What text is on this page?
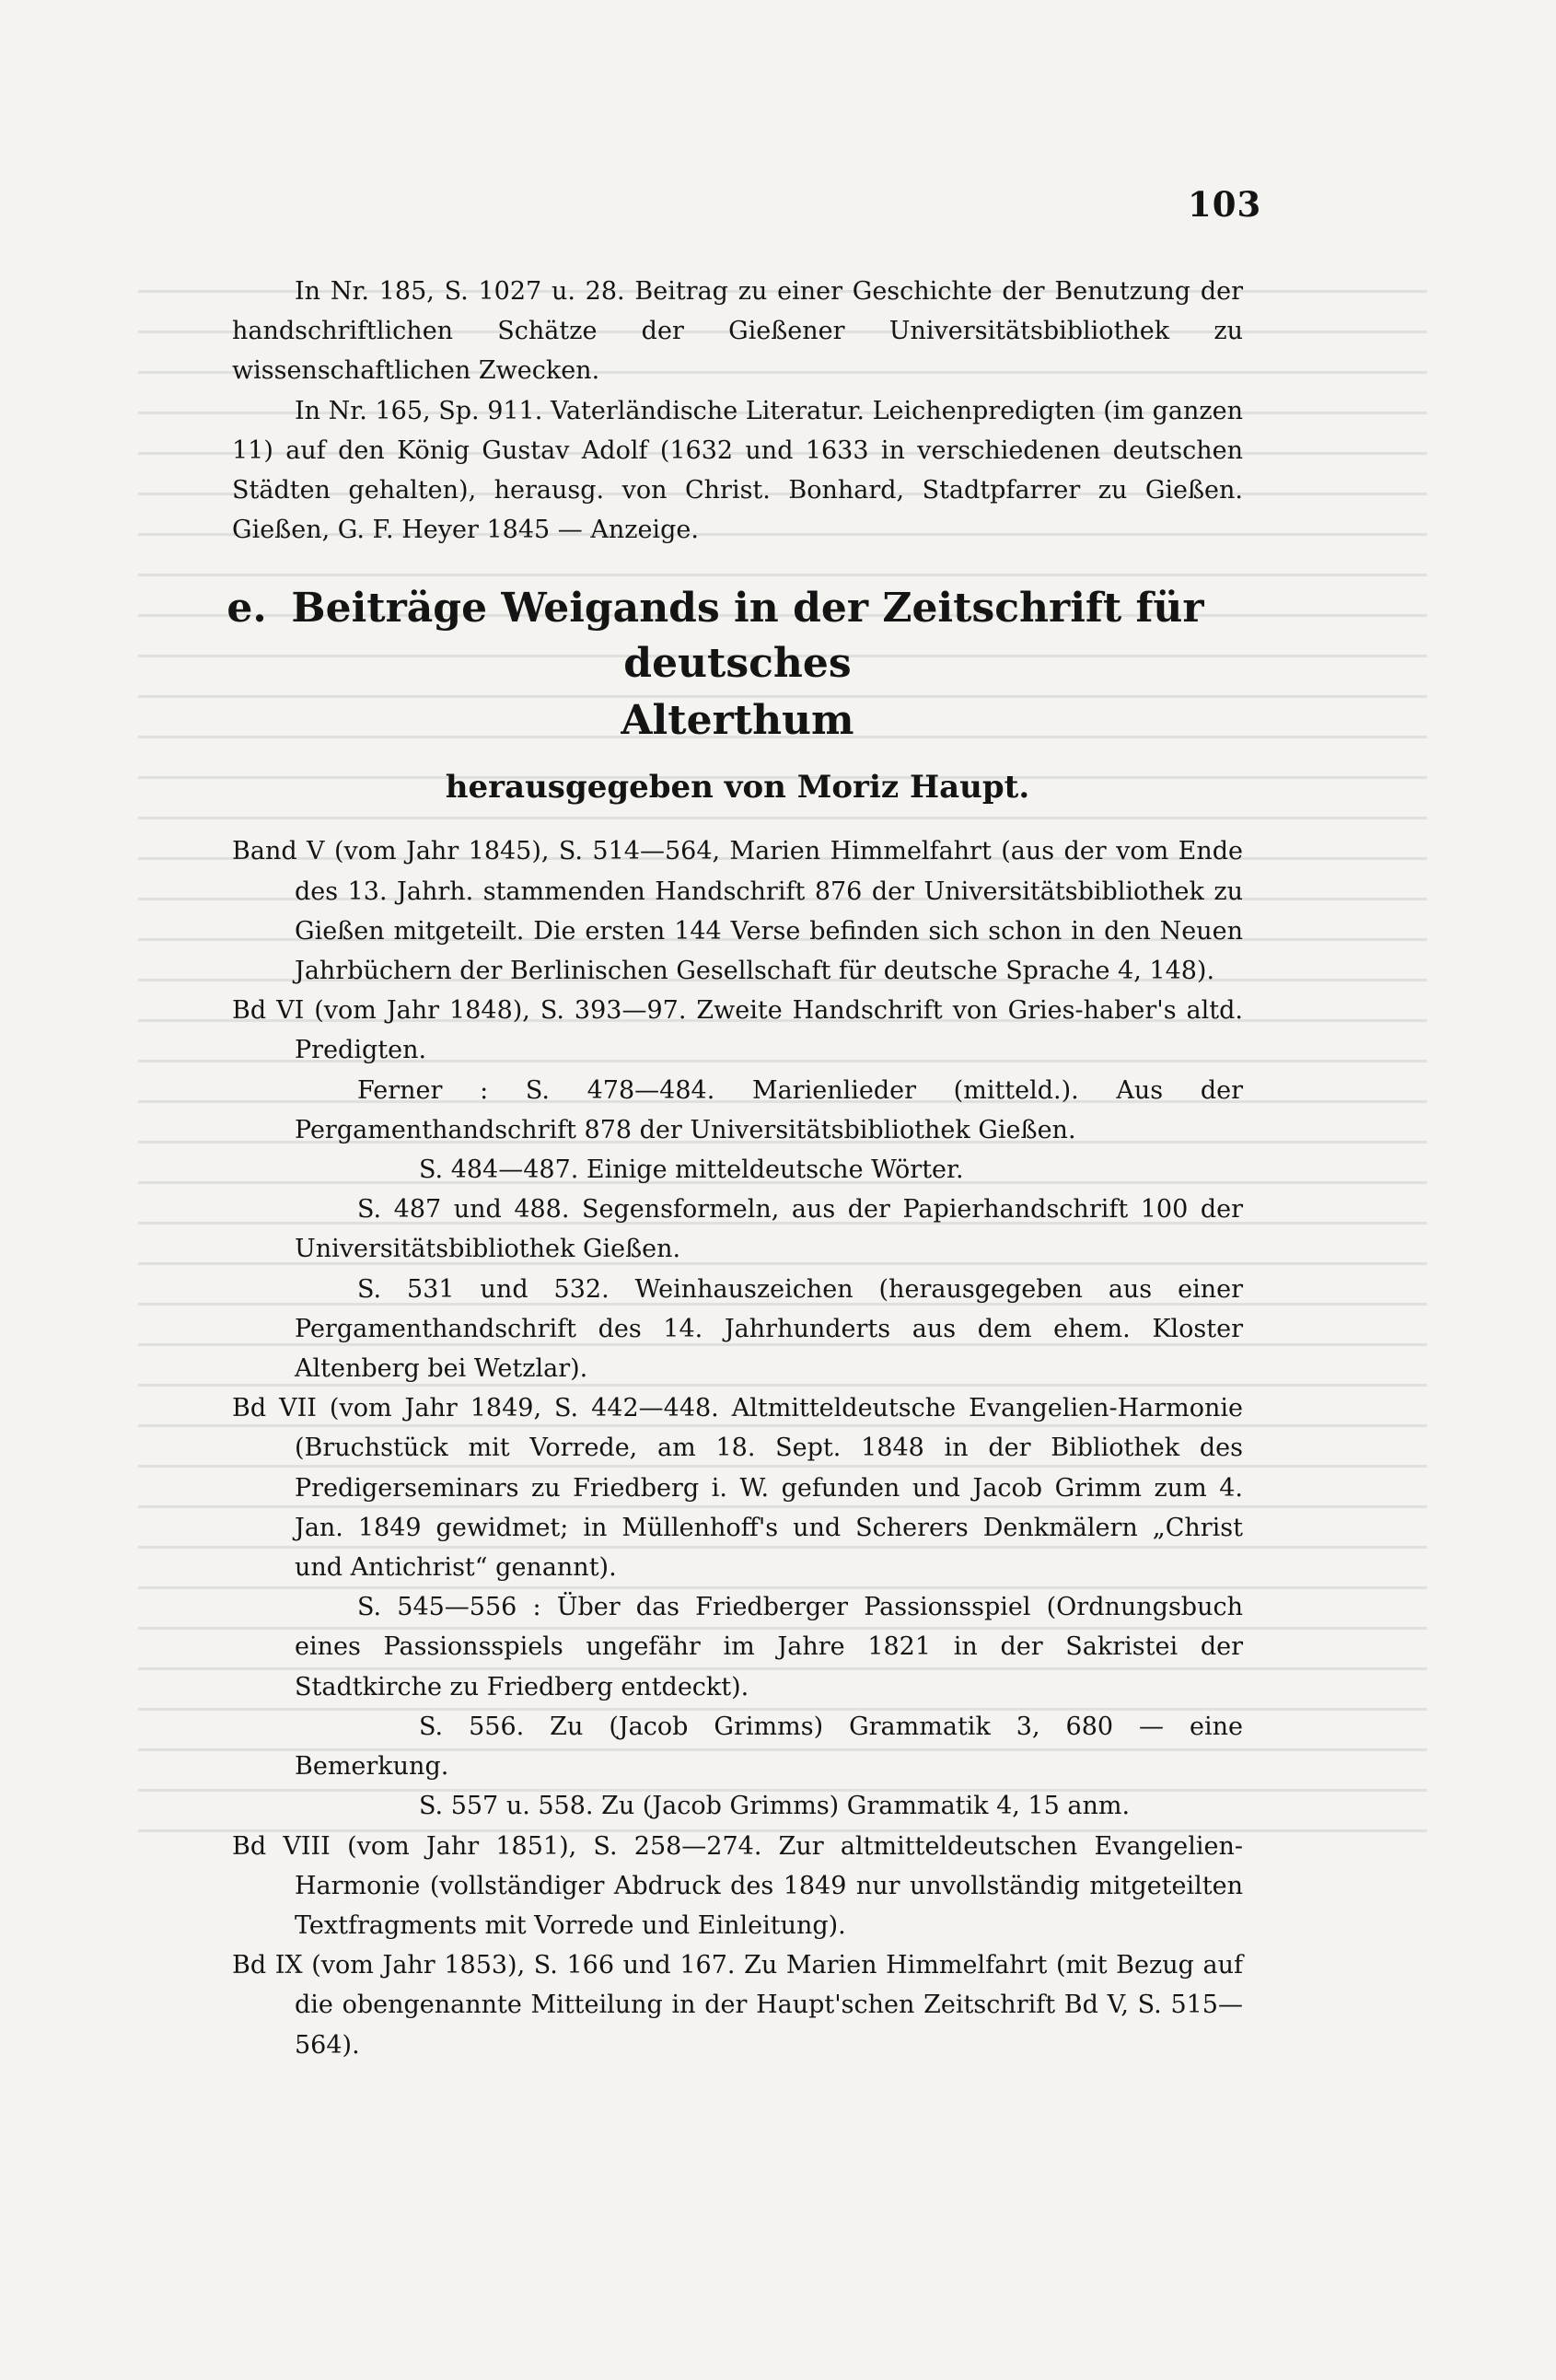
103

In Nr. 185, S. 1027 u. 28. Beitrag zu einer Geschichte der Benutzung der handschriftlichen Schätze der Gießener Universitätsbibliothek zu wissenschaftlichen Zwecken.

In Nr. 165, Sp. 911. Vaterländische Literatur. Leichenpredigten (im ganzen 11) auf den König Gustav Adolf (1632 und 1633 in verschiedenen deutschen Städten gehalten), herausg. von Christ. Bonhard, Stadtpfarrer zu Gießen. Gießen, G. F. Heyer 1845 — Anzeige.

e. Beiträge Weigands in der Zeitschrift für deutsches
Alterthum
herausgegeben von Moriz Haupt.

Band V (vom Jahr 1845), S. 514—564, Marien Himmelfahrt (aus der vom Ende des 13. Jahrh. stammenden Handschrift 876 der Universitätsbibliothek zu Gießen mitgeteilt. Die ersten 144 Verse befinden sich schon in den Neuen Jahrbüchern der Berlinischen Gesellschaft für deutsche Sprache 4, 148).

Bd VI (vom Jahr 1848), S. 393—97. Zweite Handschrift von Gries-haber's altd. Predigten.

Ferner : S. 478—484. Marienlieder (mitteld.). Aus der Pergamenthandschrift 878 der Universitätsbibliothek Gießen.

S. 484—487. Einige mitteldeutsche Wörter.

S. 487 und 488. Segensformeln, aus der Papierhandschrift 100 der Universitätsbibliothek Gießen.

S. 531 und 532. Weinhauszeichen (herausgegeben aus einer Pergamenthandschrift des 14. Jahrhunderts aus dem ehem. Kloster Altenberg bei Wetzlar).

Bd VII (vom Jahr 1849, S. 442—448. Altmitteldeutsche Evangelien-Harmonie (Bruchstück mit Vorrede, am 18. Sept. 1848 in der Bibliothek des Predigerseminars zu Friedberg i. W. gefunden und Jacob Grimm zum 4. Jan. 1849 gewidmet; in Müllenhoff's und Scherers Denkmälern „Christ und Antichrist“ genannt).

S. 545—556 : Über das Friedberger Passionsspiel (Ordnungsbuch eines Passionsspiels ungefähr im Jahre 1821 in der Sakristei der Stadtkirche zu Friedberg entdeckt).

S. 556. Zu (Jacob Grimms) Grammatik 3, 680 — eine Bemerkung.

S. 557 u. 558. Zu (Jacob Grimms) Grammatik 4, 15 anm.

Bd VIII (vom Jahr 1851), S. 258—274. Zur altmitteldeutschen Evangelien-Harmonie (vollständiger Abdruck des 1849 nur unvollständig mitgeteilten Textfragments mit Vorrede und Einleitung).

Bd IX (vom Jahr 1853), S. 166 und 167. Zu Marien Himmelfahrt (mit Bezug auf die obengenannte Mitteilung in der Haupt'schen Zeitschrift Bd V, S. 515—564).
